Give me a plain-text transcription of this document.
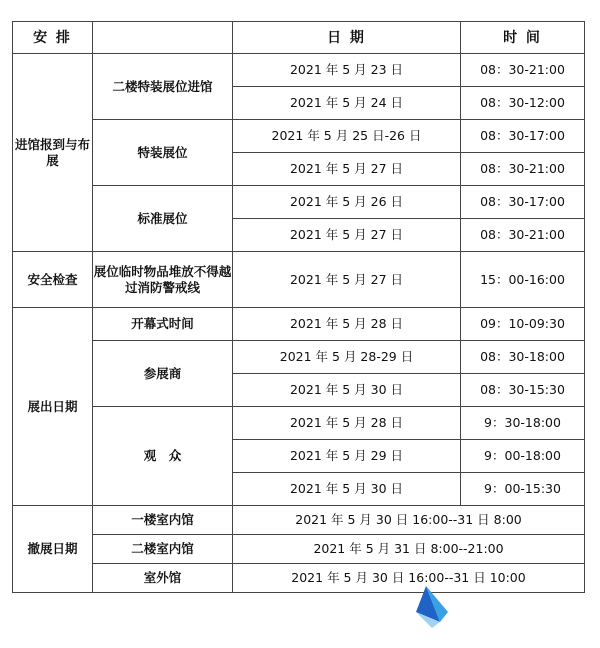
安 排		日 期	时 间
进馆报到与布展	二楼特装展位进馆	2021 年 5 月 23 日	08：30-21:00
		2021 年 5 月 24 日	08：30-12:00
	特装展位	2021 年 5 月 25 日-26 日	08：30-17:00
		2021 年 5 月 27 日	08：30-21:00
	标准展位	2021 年 5 月 26 日	08：30-17:00
		2021 年 5 月 27 日	08：30-21:00
安全检查	展位临时物品堆放不得越过消防警戒线	2021 年 5 月 27 日	15：00-16:00
展出日期	开幕式时间	2021 年 5 月 28 日	09：10-09:30
	参展商	2021 年 5 月 28-29 日	08：30-18:00
		2021 年 5 月 30 日	08：30-15:30
	观　众	2021 年 5 月 28 日	9：30-18:00
		2021 年 5 月 29 日	9：00-18:00
		2021 年 5 月 30 日	9：00-15:30
撤展日期	一楼室内馆	2021 年 5 月 30 日 16:00--31 日 8:00	
	二楼室内馆	2021 年 5 月 31 日 8:00--21:00	
	室外馆	2021 年 5 月 30 日 16:00--31 日 10:00	
